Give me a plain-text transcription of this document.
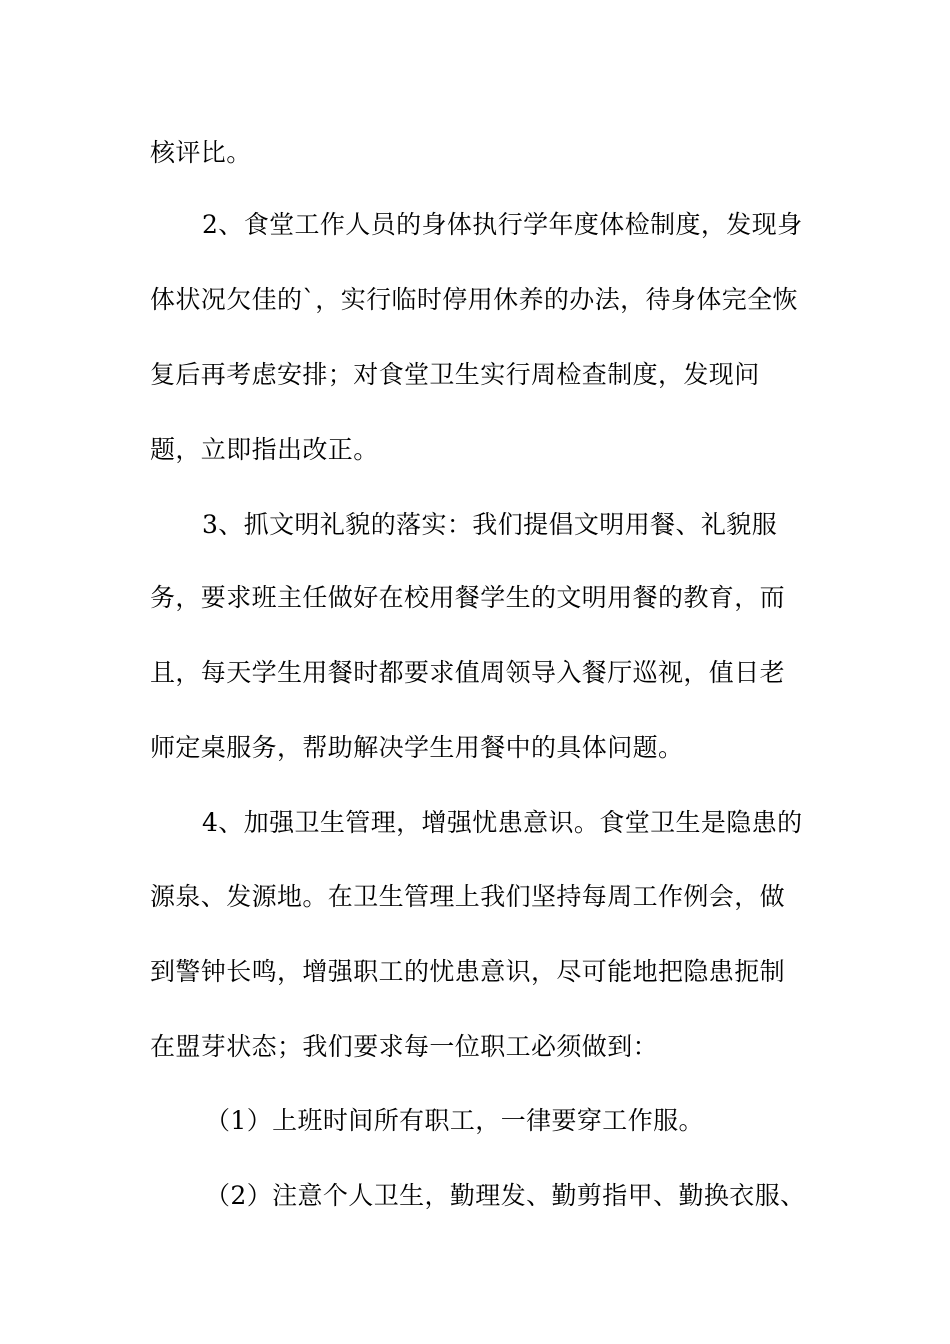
核评比。
2、食堂工作人员的身体执行学年度体检制度，发现身
体状况欠佳的`，实行临时停用休养的办法，待身体完全恢
复后再考虑安排；对食堂卫生实行周检查制度，发现问
题，立即指出改正。
3、抓文明礼貌的落实：我们提倡文明用餐、礼貌服
务，要求班主任做好在校用餐学生的文明用餐的教育，而
且，每天学生用餐时都要求值周领导入餐厅巡视，值日老
师定桌服务，帮助解决学生用餐中的具体问题。
4、加强卫生管理，增强忧患意识。食堂卫生是隐患的
源泉、发源地。在卫生管理上我们坚持每周工作例会，做
到警钟长鸣，增强职工的忧患意识，尽可能地把隐患扼制
在盟芽状态；我们要求每一位职工必须做到：
（1）上班时间所有职工，一律要穿工作服。
（2）注意个人卫生，勤理发、勤剪指甲、勤换衣服、
